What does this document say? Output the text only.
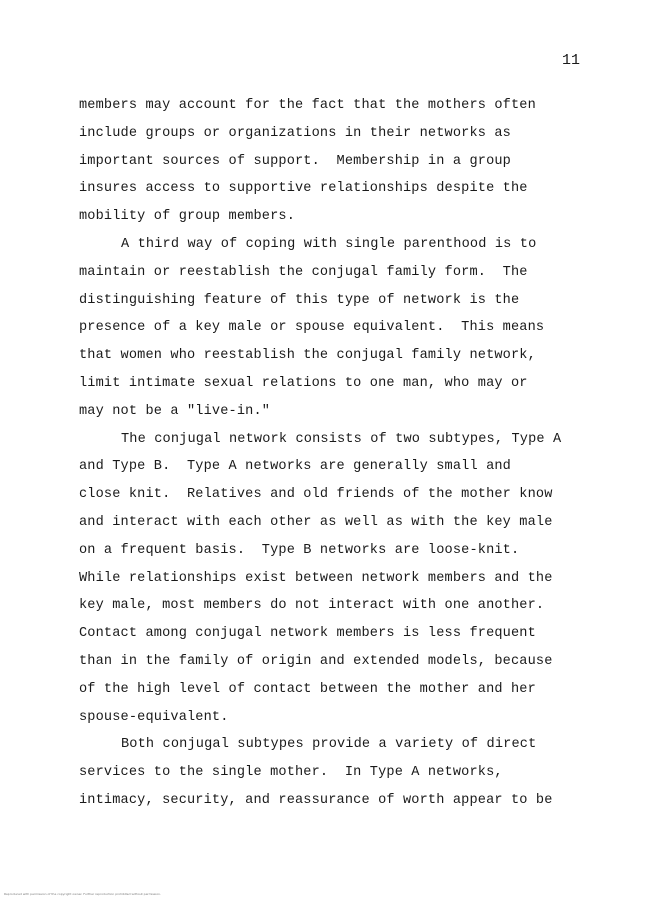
11
members may account for the fact that the mothers often
include groups or organizations in their networks as
important sources of support.  Membership in a group
insures access to supportive relationships despite the
mobility of group members.
A third way of coping with single parenthood is to
maintain or reestablish the conjugal family form.  The
distinguishing feature of this type of network is the
presence of a key male or spouse equivalent.  This means
that women who reestablish the conjugal family network,
limit intimate sexual relations to one man, who may or
may not be a "live-in."
The conjugal network consists of two subtypes, Type A
and Type B.  Type A networks are generally small and
close knit.  Relatives and old friends of the mother know
and interact with each other as well as with the key male
on a frequent basis.  Type B networks are loose-knit.
While relationships exist between network members and the
key male, most members do not interact with one another.
Contact among conjugal network members is less frequent
than in the family of origin and extended models, because
of the high level of contact between the mother and her
spouse-equivalent.
Both conjugal subtypes provide a variety of direct
services to the single mother.  In Type A networks,
intimacy, security, and reassurance of worth appear to be
Reproduced with permission of the copyright owner. Further reproduction prohibited without permission.
